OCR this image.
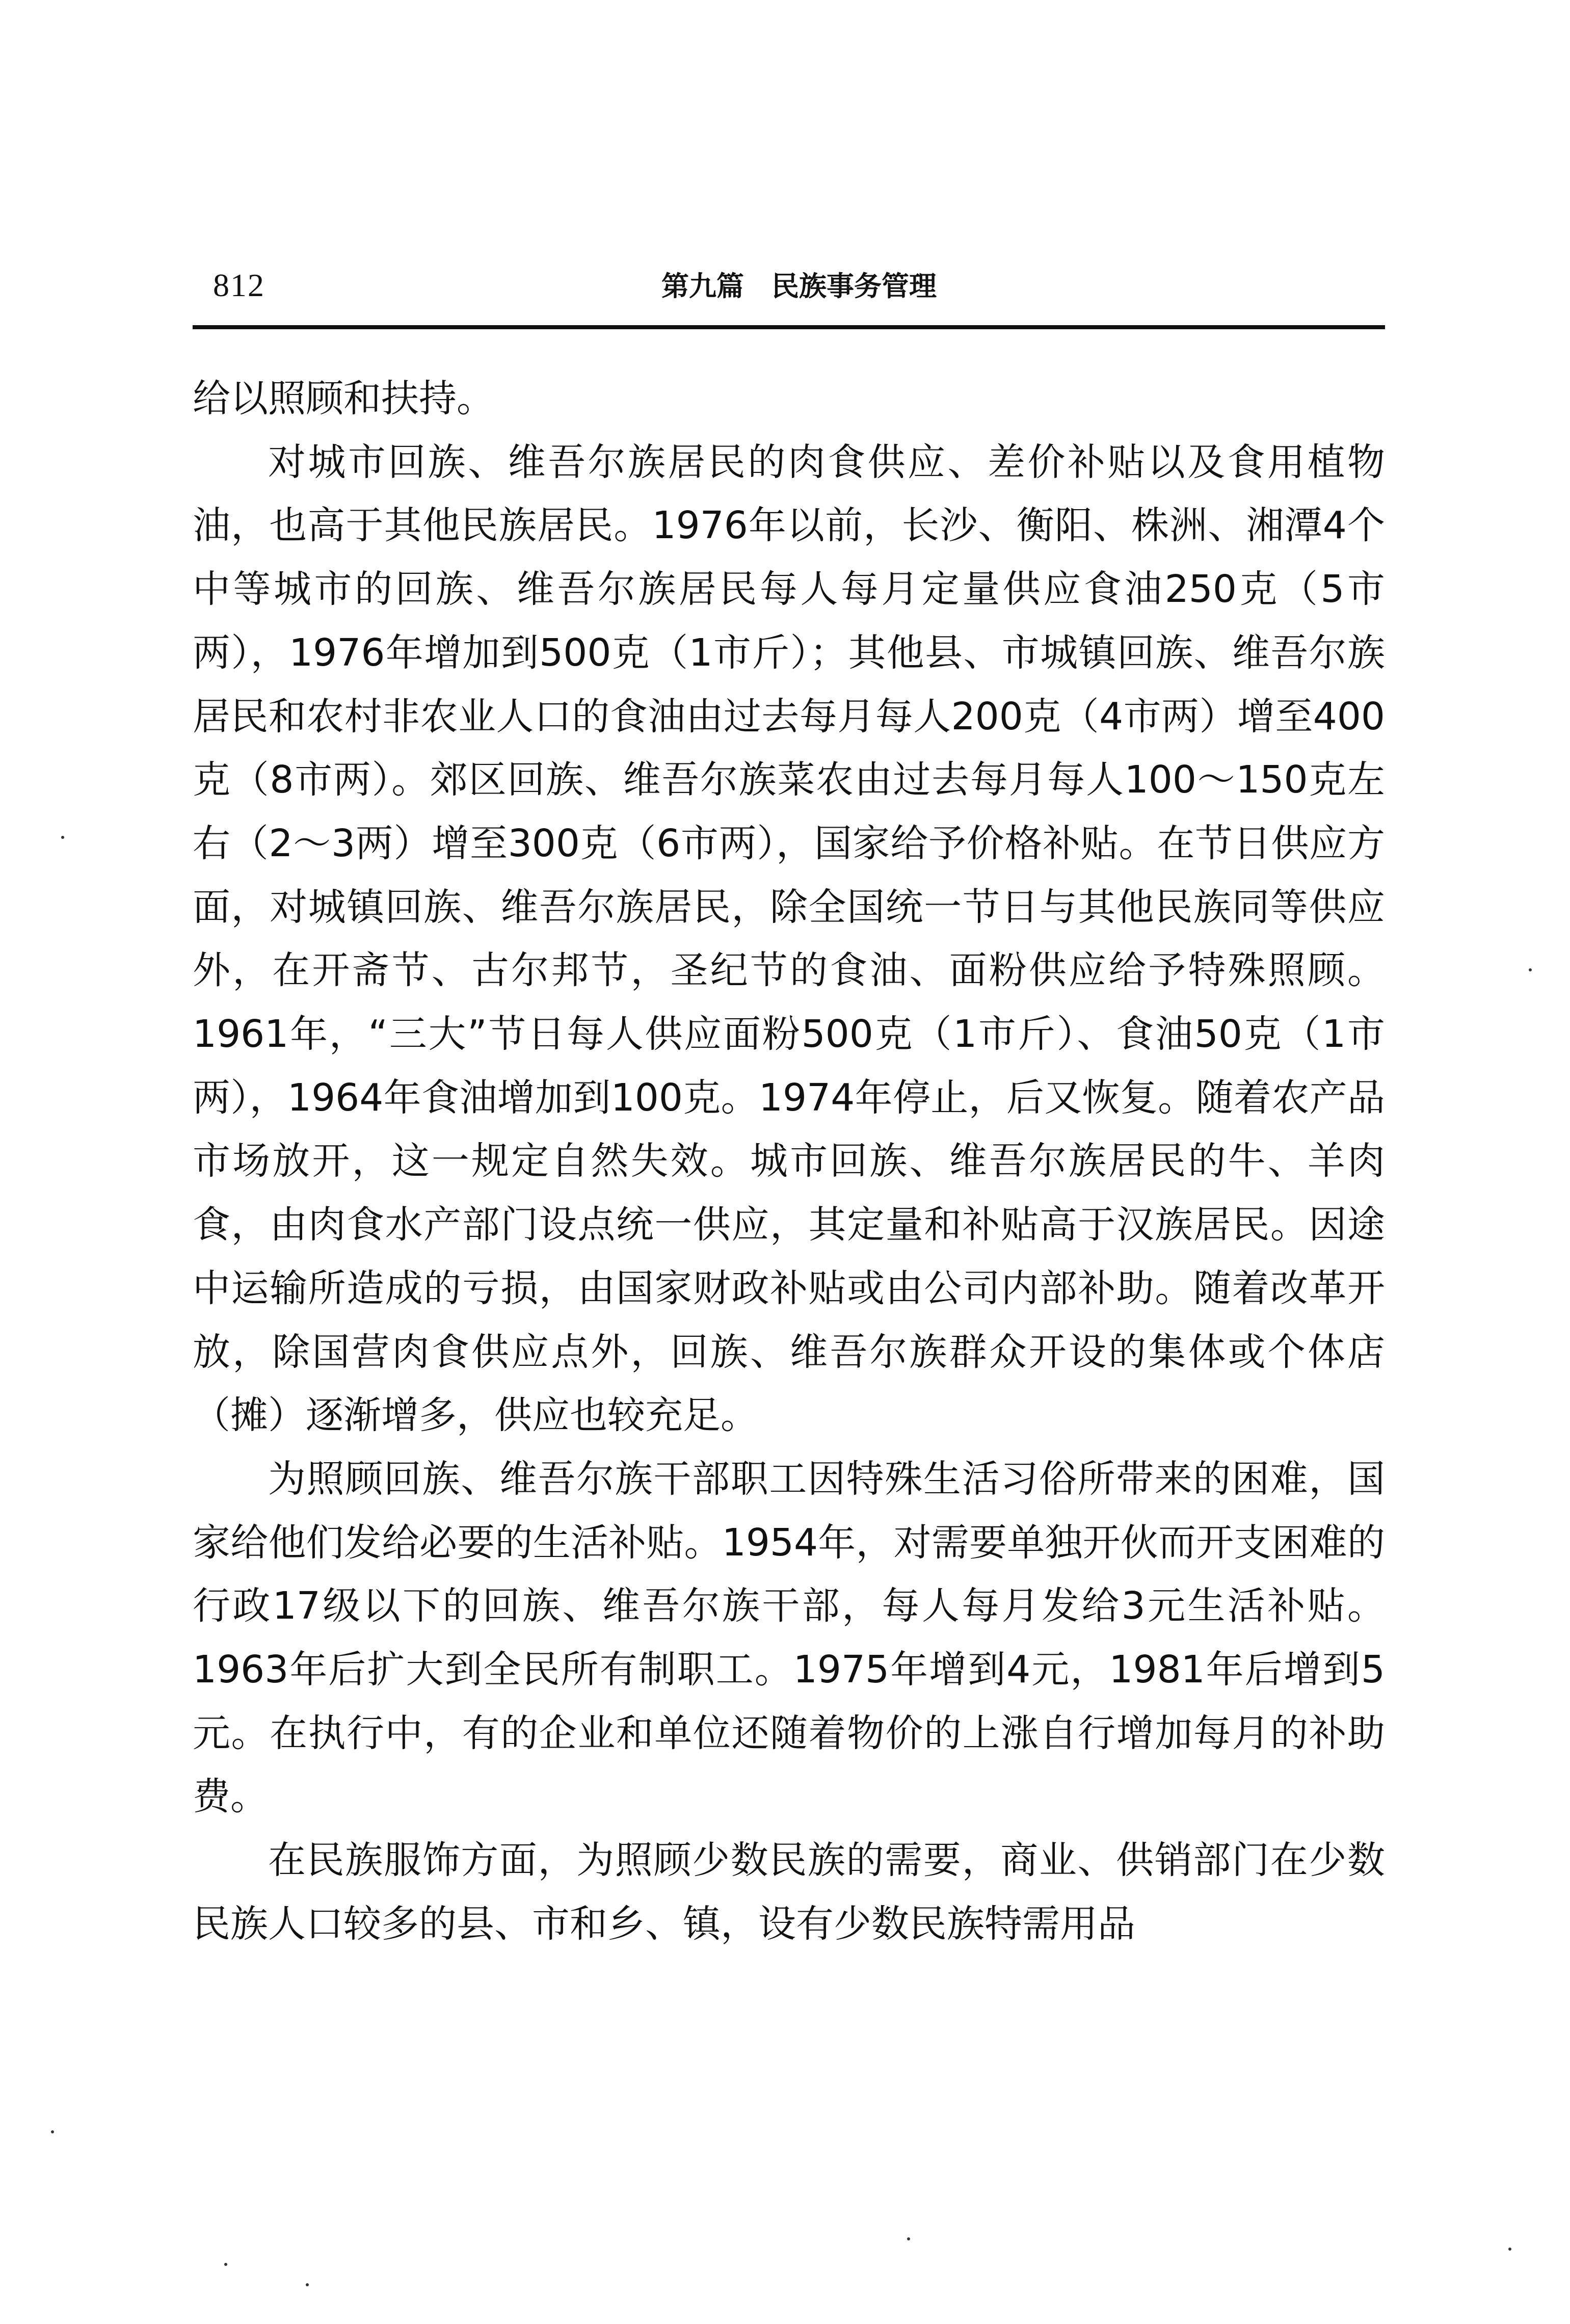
812	第九篇　民族事务管理

给以照顾和扶持。

对城市回族、维吾尔族居民的肉食供应、差价补贴以及食用植物油，也高于其他民族居民。1976年以前，长沙、衡阳、株洲、湘潭4个中等城市的回族、维吾尔族居民每人每月定量供应食油250克（5市两），1976年增加到500克（1市斤）；其他县、市城镇回族、维吾尔族居民和农村非农业人口的食油由过去每月每人200克（4市两）增至400克（8市两）。郊区回族、维吾尔族菜农由过去每月每人100～150克左右（2～3两）增至300克（6市两），国家给予价格补贴。在节日供应方面，对城镇回族、维吾尔族居民，除全国统一节日与其他民族同等供应外，在开斋节、古尔邦节，圣纪节的食油、面粉供应给予特殊照顾。1961年，“三大”节日每人供应面粉500克（1市斤）、食油50克（1市两），1964年食油增加到100克。1974年停止，后又恢复。随着农产品市场放开，这一规定自然失效。城市回族、维吾尔族居民的牛、羊肉食，由肉食水产部门设点统一供应，其定量和补贴高于汉族居民。因途中运输所造成的亏损，由国家财政补贴或由公司内部补助。随着改革开放，除国营肉食供应点外，回族、维吾尔族群众开设的集体或个体店（摊）逐渐增多，供应也较充足。

为照顾回族、维吾尔族干部职工因特殊生活习俗所带来的困难，国家给他们发给必要的生活补贴。1954年，对需要单独开伙而开支困难的行政17级以下的回族、维吾尔族干部，每人每月发给3元生活补贴。1963年后扩大到全民所有制职工。1975年增到4元，1981年后增到5元。在执行中，有的企业和单位还随着物价的上涨自行增加每月的补助费。

在民族服饰方面，为照顾少数民族的需要，商业、供销部门在少数民族人口较多的县、市和乡、镇，设有少数民族特需用品
